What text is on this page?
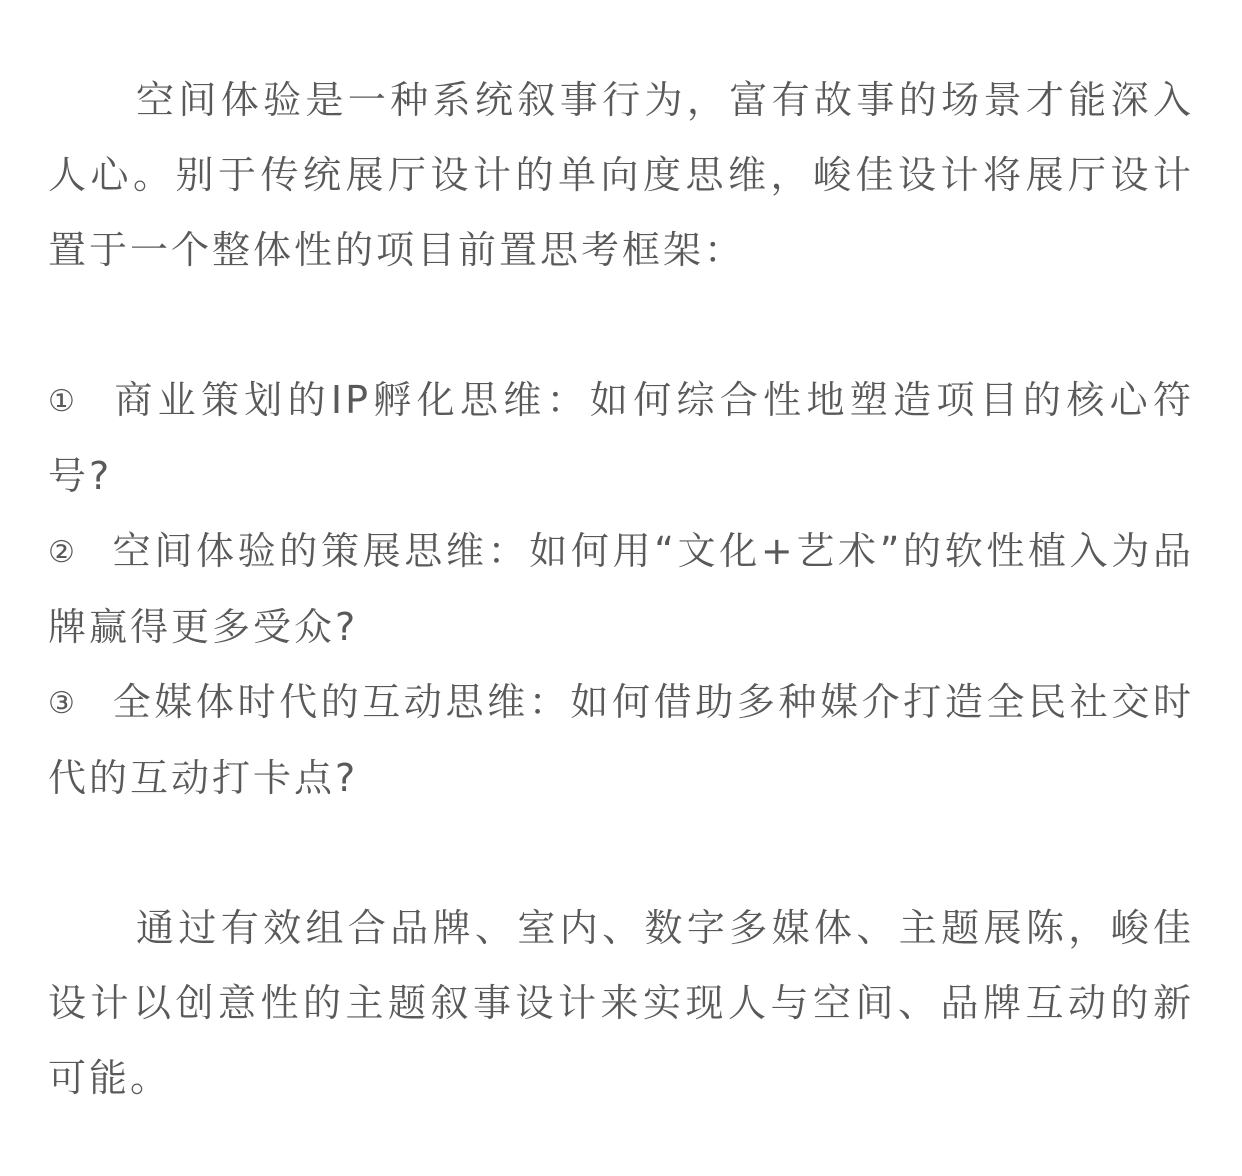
空间体验是一种系统叙事行为，富有故事的场景才能深入人心。别于传统展厅设计的单向度思维，峻佳设计将展厅设计置于一个整体性的项目前置思考框架：

① 商业策划的IP孵化思维：如何综合性地塑造项目的核心符号?

② 空间体验的策展思维：如何用“文化+艺术”的软性植入为品牌赢得更多受众?

③ 全媒体时代的互动思维：如何借助多种媒介打造全民社交时代的互动打卡点?

通过有效组合品牌、室内、数字多媒体、主题展陈，峻佳设计以创意性的主题叙事设计来实现人与空间、品牌互动的新可能。
